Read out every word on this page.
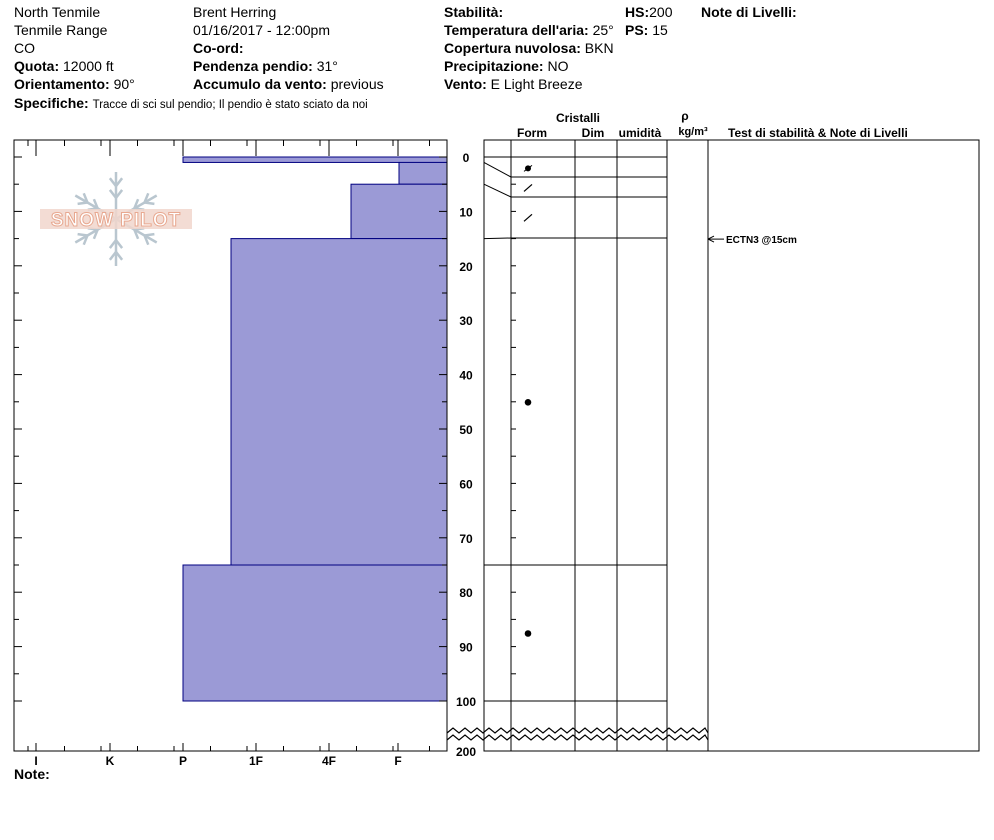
North Tenmile
Tenmile Range
CO
Quota: 12000 ft
Orientamento: 90°
Specifiche: Tracce di sci sul pendio; Il pendio è stato sciato da noi
Brent Herring
01/16/2017 - 12:00pm
Co-ord:
Pendenza pendio: 31°
Accumulo da vento: previous
Stabilità:
Temperatura dell'aria: 25°
Copertura nuvolosa: BKN
Precipitazione: NO
Vento: E Light Breeze
HS:200
PS: 15
Note di Livelli:
Note:
Cristalli
Form	Dim umidità
ρ
kg/m³ Test di stabilità & Note di Livelli
SNOW PILOT
I	K	P	1F	4F	F
0
10
20
30
40
50
60
70
80
90
100
200
ECTN3 @15cm
